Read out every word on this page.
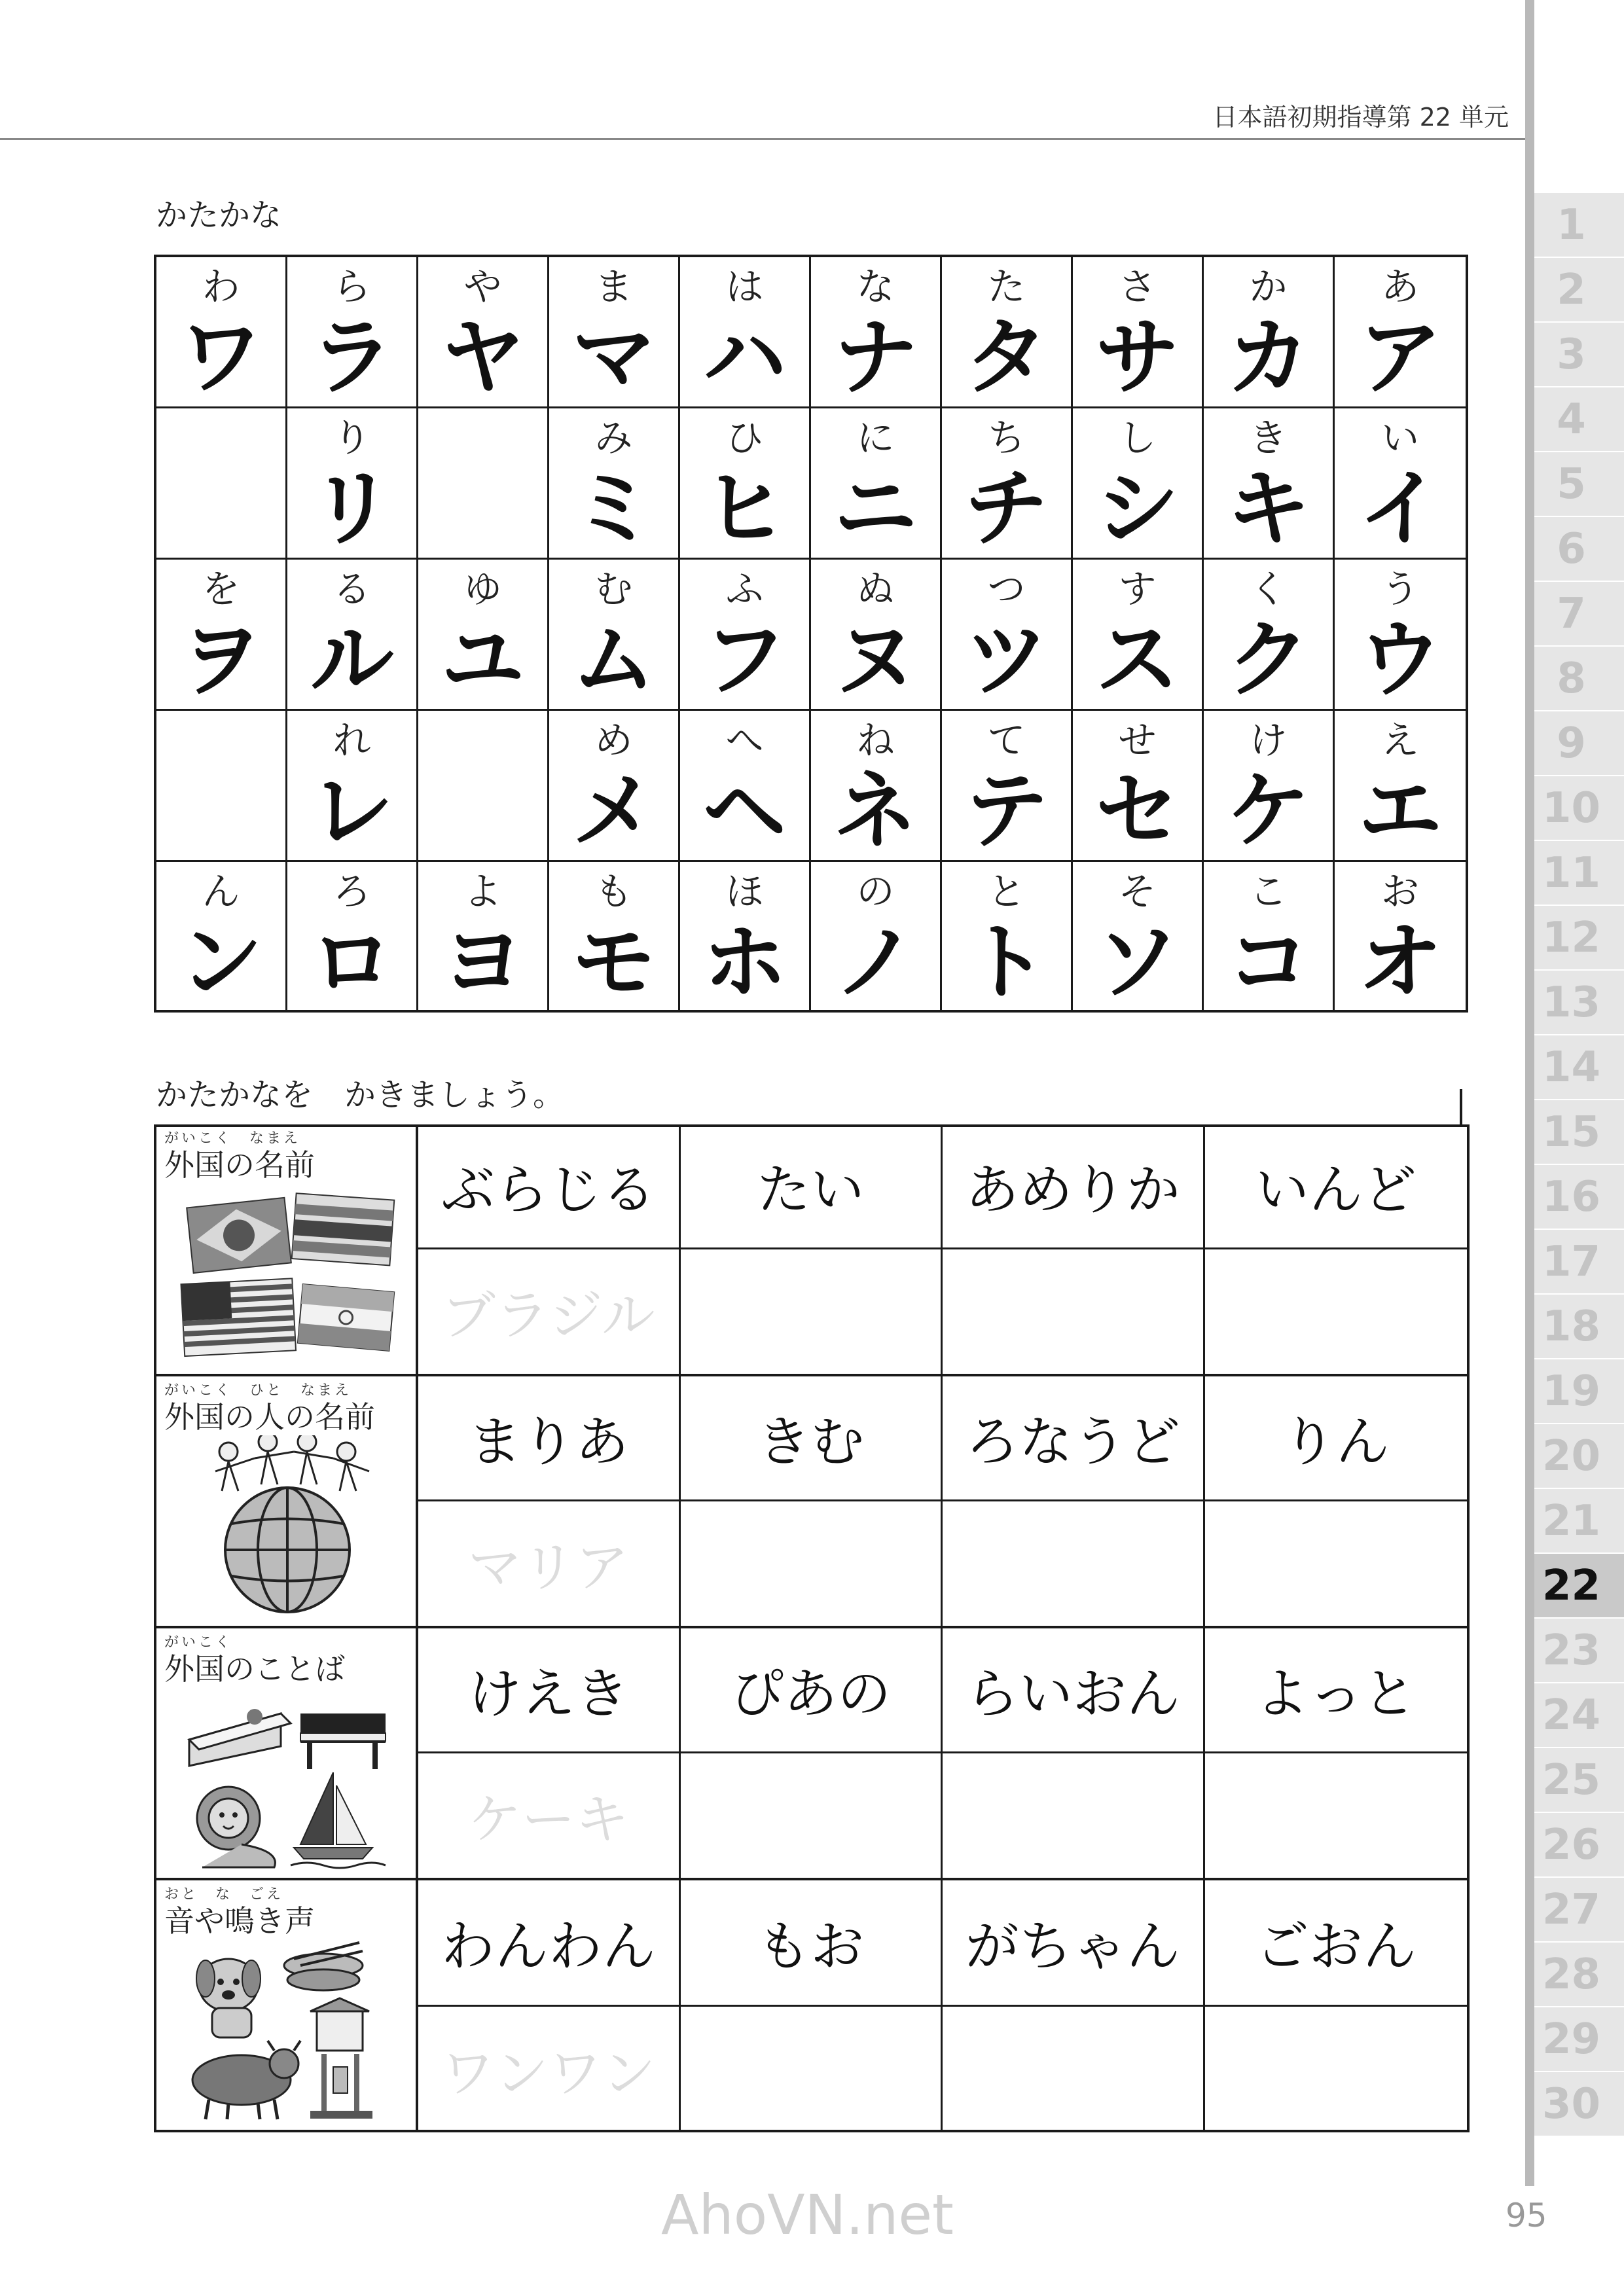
日本語初期指導第 22 単元
1
2
3
4
5
6
7
8
9
10
11
12
13
14
15
16
17
18
19
20
21
22
23
24
25
26
27
28
29
30
かたかな
わ
ワ
ら
ラ
や
ヤ
ま
マ
は
ハ
な
ナ
た
タ
さ
サ
か
カ
あ
ア
り
リ
み
ミ
ひ
ヒ
に
ニ
ち
チ
し
シ
き
キ
い
イ
を
ヲ
る
ル
ゆ
ユ
む
ム
ふ
フ
ぬ
ヌ
つ
ツ
す
ス
く
ク
う
ウ
れ
レ
め
メ
へ
ヘ
ね
ネ
て
テ
せ
セ
け
ケ
え
エ
ん
ン
ろ
ロ
よ
ヨ
も
モ
ほ
ホ
の
ノ
と
ト
そ
ソ
こ
コ
お
オ
かたかなを　かきましょう。
がいこく　なまえ
外国の名前 ぶらじる たい あめりか いんど
ブラジル
がいこく　ひと　なまえ
外国の人の名前 まりあ きむ ろなうど りん
マリア
がいこく
外国のことば けえき ぴあの らいおん よっと
ケーキ
おと　な　ごえ
音や鳴き声 わんわん もお がちゃん ごおん
ワンワン
AhoVN.net	95
